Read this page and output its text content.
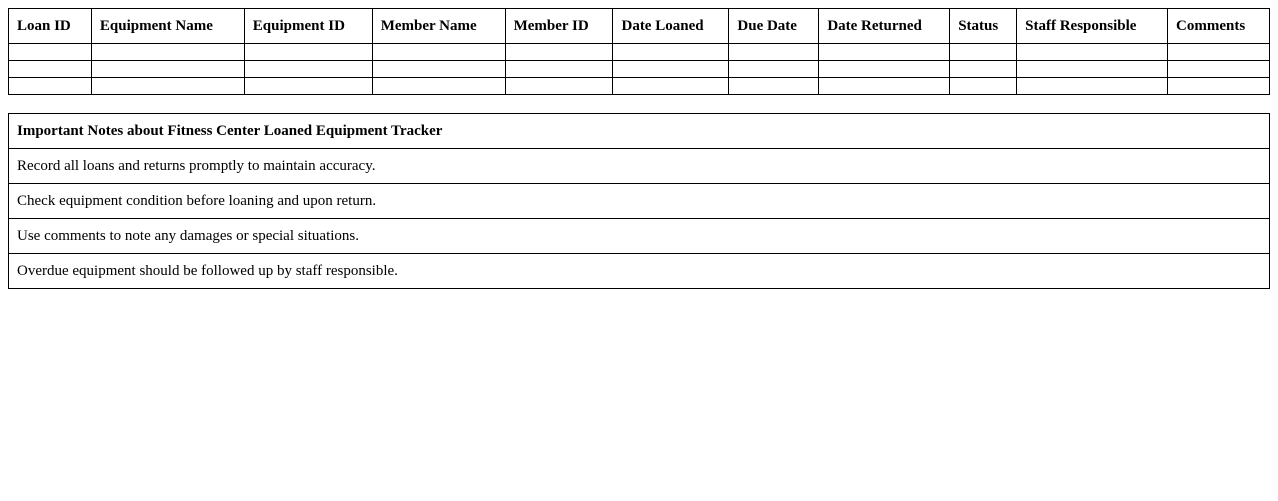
Loan ID	Equipment Name	Equipment ID	Member Name	Member ID	Date Loaned	Due Date	Date Returned	Status	Staff Responsible	Comments

Important Notes about Fitness Center Loaned Equipment Tracker
Record all loans and returns promptly to maintain accuracy.
Check equipment condition before loaning and upon return.
Use comments to note any damages or special situations.
Overdue equipment should be followed up by staff responsible.
